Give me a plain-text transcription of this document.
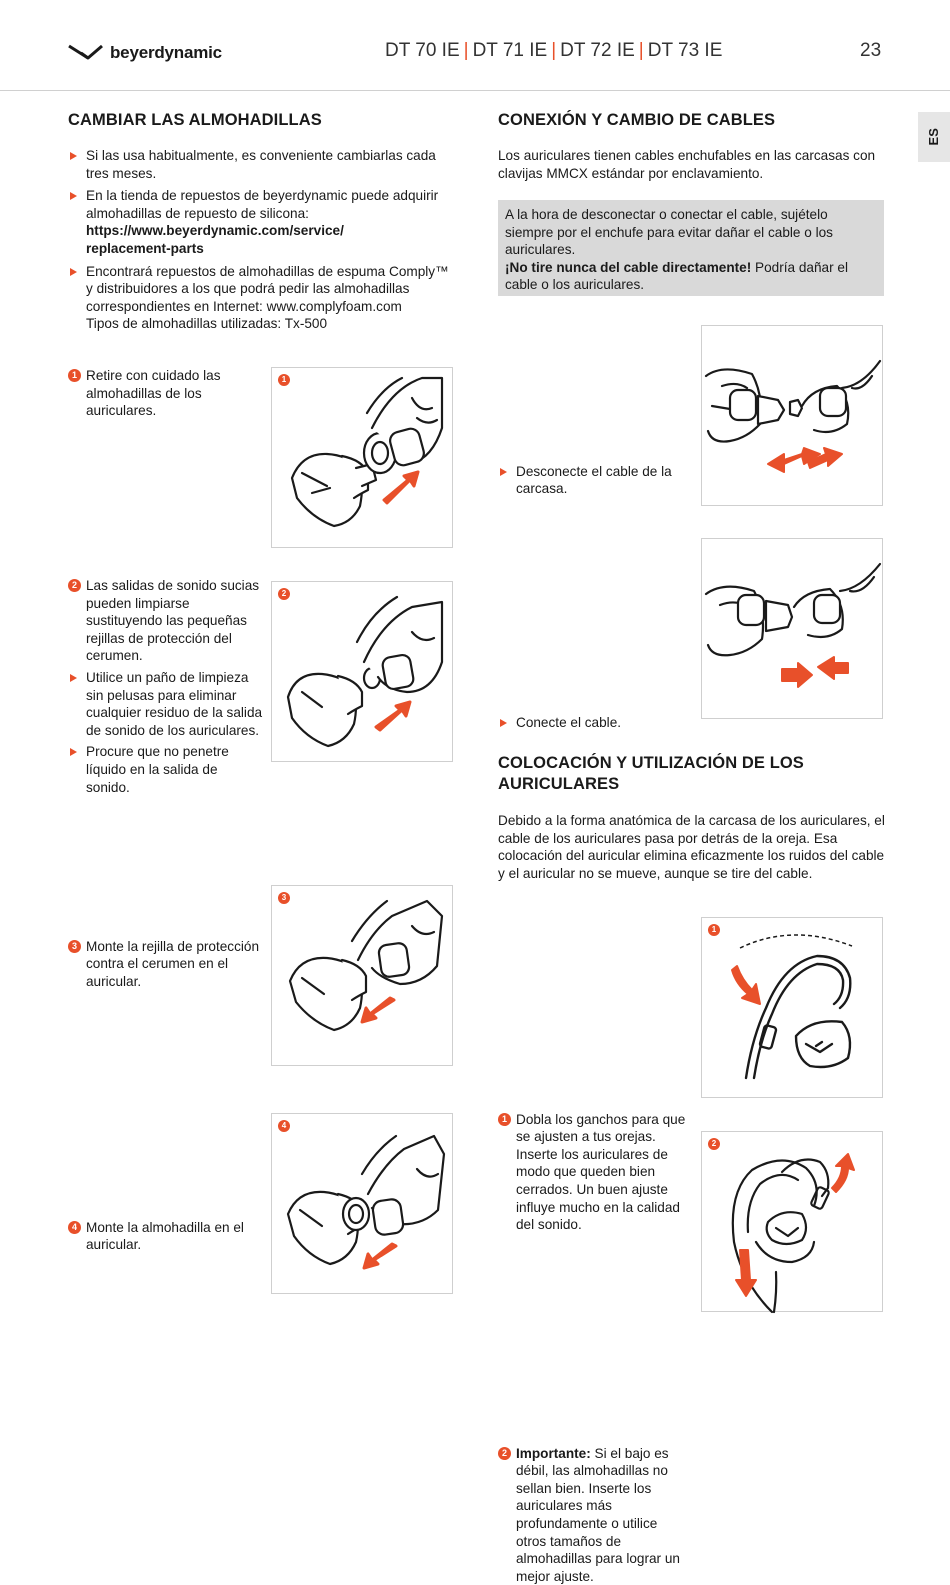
beyerdynamic	DT 70 IE | DT 71 IE | DT 72 IE | DT 73 IE	23
ES
CAMBIAR LAS ALMOHADILLAS
Si las usa habitualmente, es conveniente cambiarlas cada tres meses.
En la tienda de repuestos de beyerdynamic puede adquirir almohadillas de repuesto de silicona:
https://www.beyerdynamic.com/service/
replacement-parts
Encontrará repuestos de almohadillas de espuma Comply™ y distribuidores a los que podrá pedir las almohadillas correspondientes en Internet: www.complyfoam.com
Tipos de almohadillas utilizadas: Tx-500
1 Retire con cuidado las almohadillas de los auriculares.
1
2 Las salidas de sonido sucias pueden limpiarse sustituyendo las pequeñas rejillas de protección del cerumen.
Utilice un paño de limpieza sin pelusas para eliminar cualquier residuo de la salida de sonido de los auriculares.
Procure que no penetre líquido en la salida de sonido.
2
3 Monte la rejilla de protección contra el cerumen en el auricular.
3
4 Monte la almohadilla en el auricular.
4
CONEXIÓN Y CAMBIO DE CABLES

Los auriculares tienen cables enchufables en las carcasas con clavijas MMCX estándar por enclavamiento.

A la hora de desconectar o conectar el cable, sujételo siempre por el enchufe para evitar dañar el cable o los auriculares.
¡No tire nunca del cable directamente! Podría dañar el cable o los auriculares.
Desconecte el cable de la carcasa.
Conecte el cable.
COLOCACIÓN Y UTILIZACIÓN DE LOS AURICULARES

Debido a la forma anatómica de la carcasa de los auriculares, el cable de los auriculares pasa por detrás de la oreja. Esa colocación del auricular elimina eficazmente los ruidos del cable y el auricular no se mueve, aunque se tire del cable.

1 Dobla los ganchos para que se ajusten a tus orejas. Inserte los auriculares de modo que queden bien cerrados. Un buen ajuste influye mucho en la calidad del sonido.
1
2 Importante: Si el bajo es débil, las almohadillas no sellan bien. Inserte los auriculares más profundamente o utilice otros tamaños de almohadillas para lograr un mejor ajuste.
2
